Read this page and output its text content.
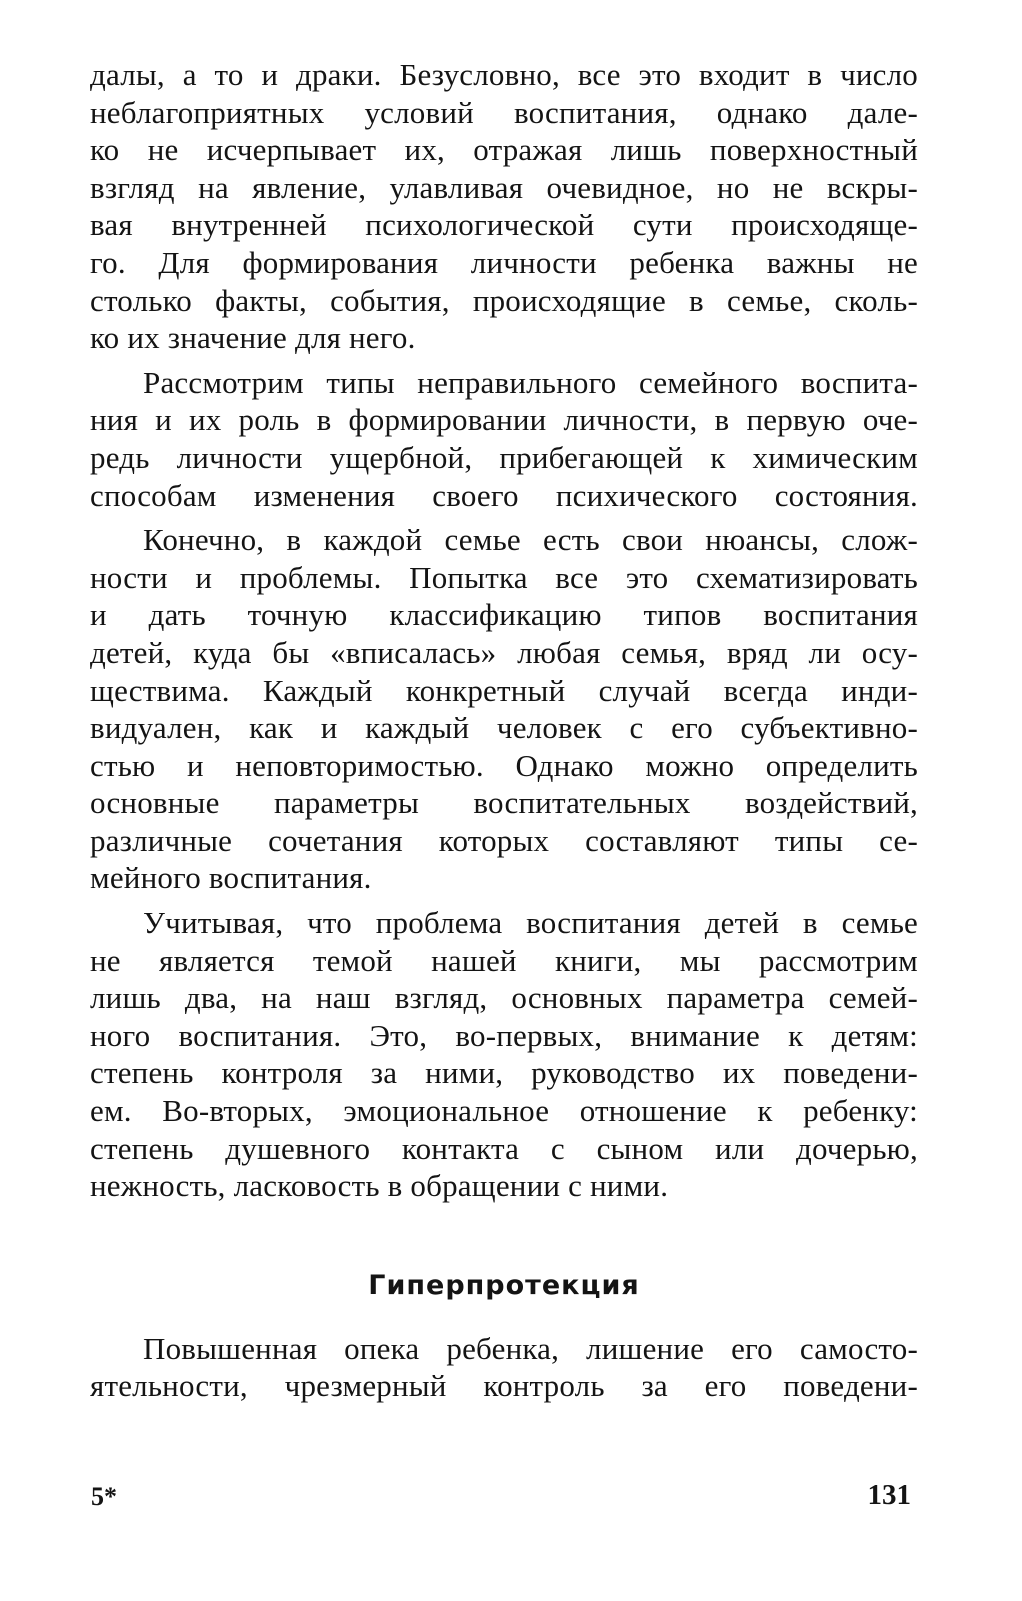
далы, а то и драки. Безусловно, все это входит в число
неблагоприятных условий воспитания, однако дале-
ко не исчерпывает их, отражая лишь поверхностный
взгляд на явление, улавливая очевидное, но не вскры-
вая внутренней психологической сути происходяще-
го. Для формирования личности ребенка важны не
столько факты, события, происходящие в семье, сколь-
ко их значение для него.
Рассмотрим типы неправильного семейного воспита-
ния и их роль в формировании личности, в первую оче-
редь личности ущербной, прибегающей к химическим
способам изменения своего психического состояния.
Конечно, в каждой семье есть свои нюансы, слож-
ности и проблемы. Попытка все это схематизировать
и дать точную классификацию типов воспитания
детей, куда бы «вписалась» любая семья, вряд ли осу-
ществима. Каждый конкретный случай всегда инди-
видуален, как и каждый человек с его субъективно-
стью и неповторимостью. Однако можно определить
основные параметры воспитательных воздействий,
различные сочетания которых составляют типы се-
мейного воспитания.
Учитывая, что проблема воспитания детей в семье
не является темой нашей книги, мы рассмотрим
лишь два, на наш взгляд, основных параметра семей-
ного воспитания. Это, во-первых, внимание к детям:
степень контроля за ними, руководство их поведени-
ем. Во-вторых, эмоциональное отношение к ребенку:
степень душевного контакта с сыном или дочерью,
нежность, ласковость в обращении с ними.
Гиперпротекция
Повышенная опека ребенка, лишение его самосто-
ятельности, чрезмерный контроль за его поведени-
5*	131
